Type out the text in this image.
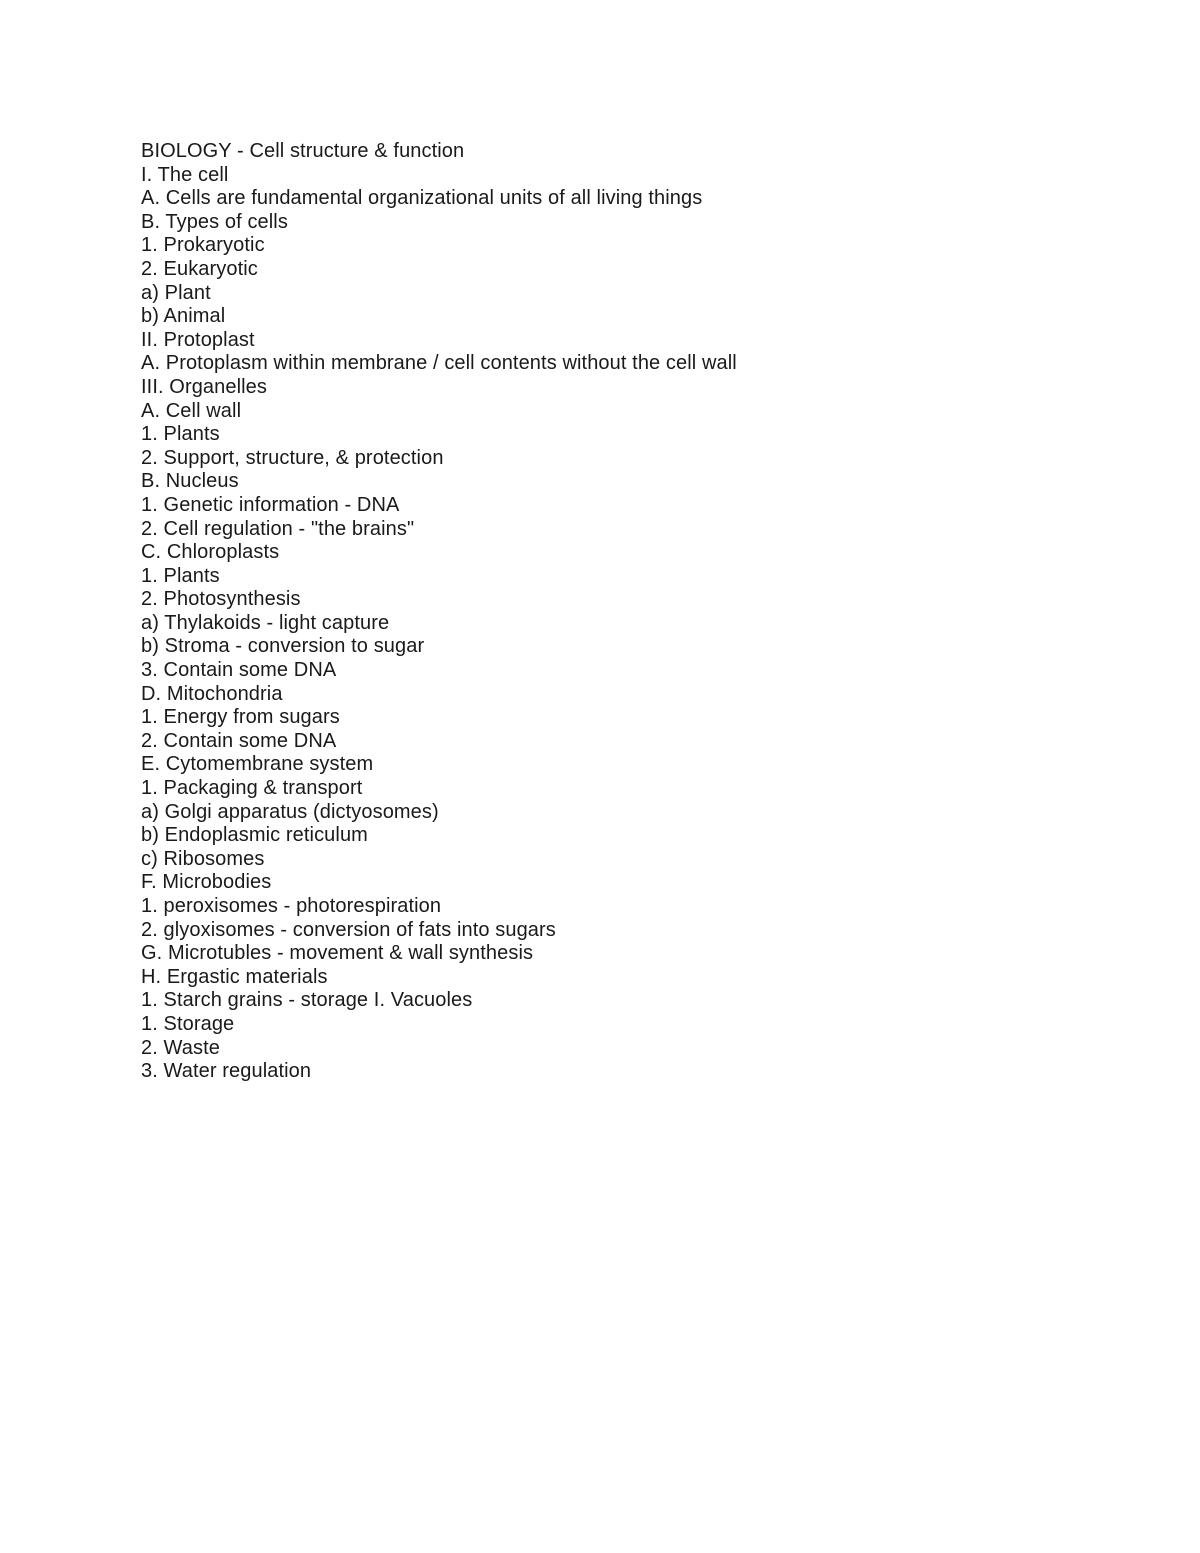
BIOLOGY - Cell structure & function
I. The cell
A. Cells are fundamental organizational units of all living things
B. Types of cells
1. Prokaryotic
2. Eukaryotic
a) Plant
b) Animal
II. Protoplast
A. Protoplasm within membrane / cell contents without the cell wall
III. Organelles
A. Cell wall
1. Plants
2. Support, structure, & protection
B. Nucleus
1. Genetic information - DNA
2. Cell regulation - "the brains"
C. Chloroplasts
1. Plants
2. Photosynthesis
a) Thylakoids - light capture
b) Stroma - conversion to sugar
3. Contain some DNA
D. Mitochondria
1. Energy from sugars
2. Contain some DNA
E. Cytomembrane system
1. Packaging & transport
a) Golgi apparatus (dictyosomes)
b) Endoplasmic reticulum
c) Ribosomes
F. Microbodies
1. peroxisomes - photorespiration
2. glyoxisomes - conversion of fats into sugars
G. Microtubles - movement & wall synthesis
H. Ergastic materials
1. Starch grains - storage I. Vacuoles
1. Storage
2. Waste
3. Water regulation
